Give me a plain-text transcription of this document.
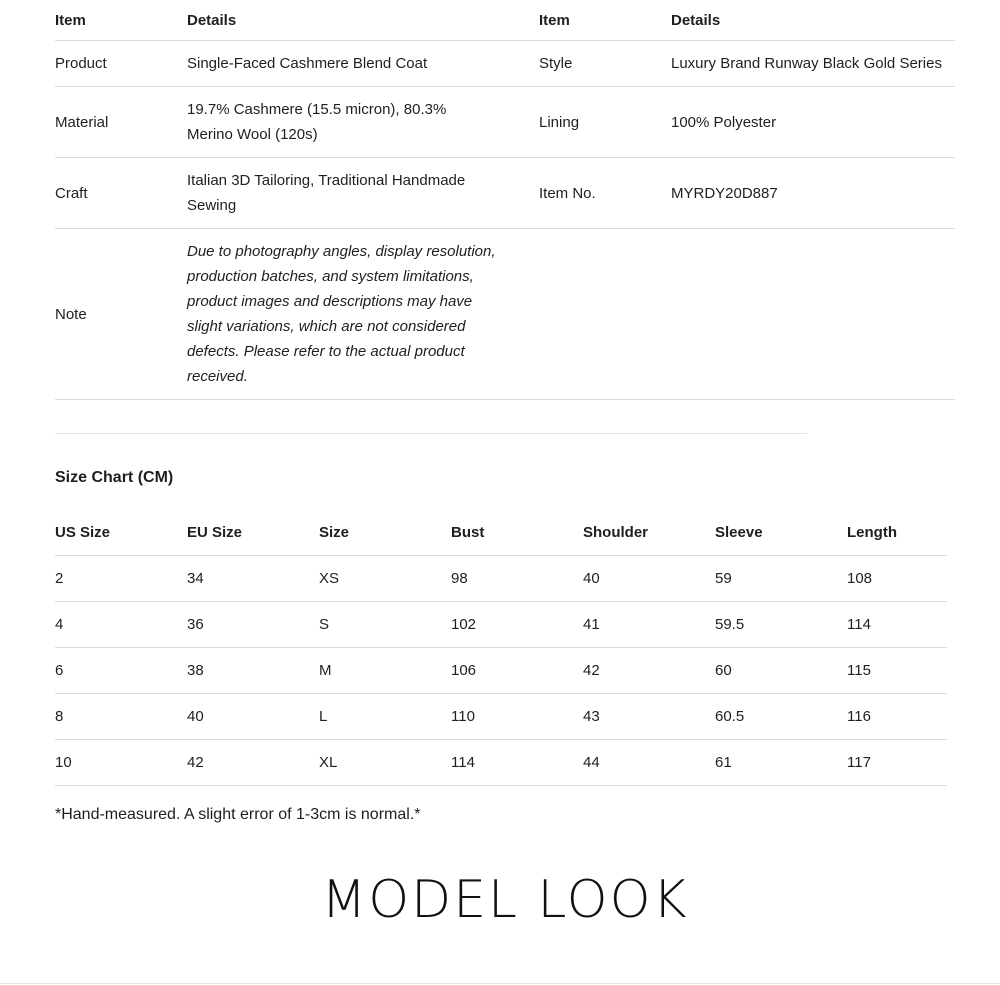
Item	Details	Item	Details
Product	Single-Faced Cashmere Blend Coat	Style	Luxury Brand Runway Black Gold Series
Material	19.7% Cashmere (15.5 micron), 80.3% Merino Wool (120s)	Lining	100% Polyester
Craft	Italian 3D Tailoring, Traditional Handmade Sewing	Item No.	MYRDY20D887
Note	Due to photography angles, display resolution, production batches, and system limitations, product images and descriptions may have slight variations, which are not considered defects. Please refer to the actual product received.		
Size Chart (CM)
US Size	EU Size	Size	Bust	Shoulder	Sleeve	Length
2	34	XS	98	40	59	108
4	36	S	102	41	59.5	114
6	38	M	106	42	60	115
8	40	L	110	43	60.5	116
10	42	XL	114	44	61	117
*Hand-measured. A slight error of 1-3cm is normal.*
MODEL LOOK
